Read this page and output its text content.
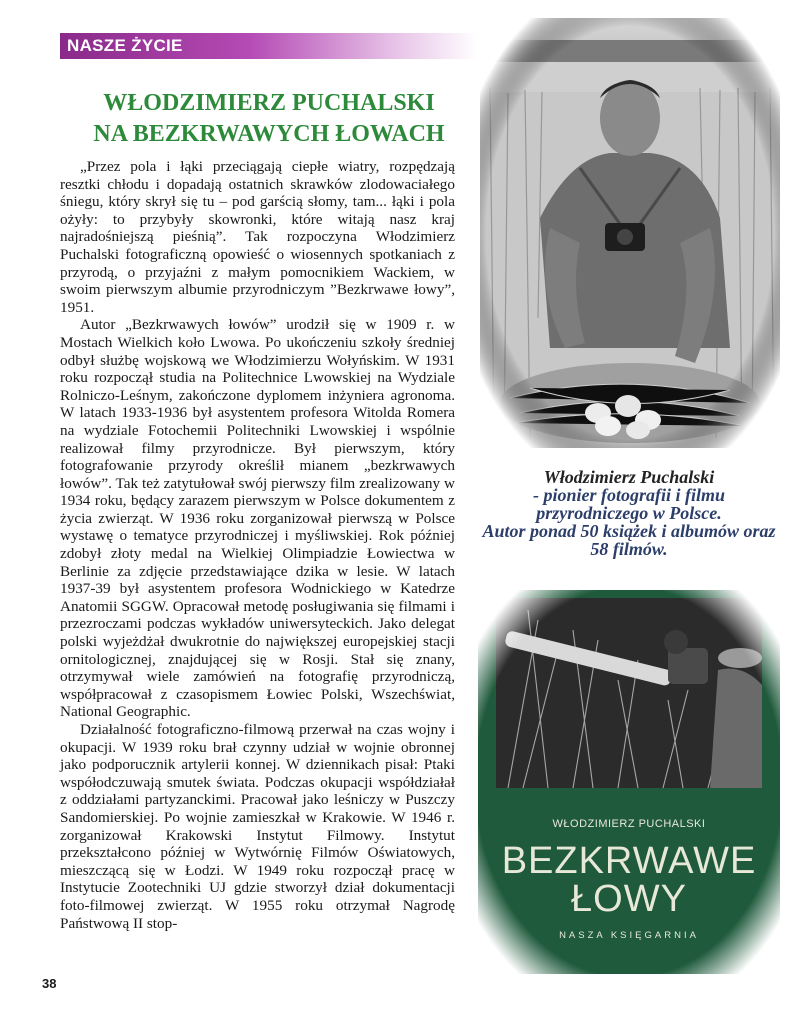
NASZE ŻYCIE
WŁODZIMIERZ PUCHALSKI
NA BEZKRWAWYCH ŁOWACH

„Przez pola i łąki przeciągają ciepłe wiatry, rozpędzają resztki chłodu i dopadają ostatnich skrawków zlodowaciałego śniegu, który skrył się tu – pod garścią słomy, tam... łąki i pola ożyły: to przybyły skowronki, które witają nasz kraj najradośniejszą pieśnią”. Tak rozpoczyna Włodzimierz Puchalski fotograficzną opowieść o wiosennych spotkaniach z przyrodą, o przyjaźni z małym pomocnikiem Wackiem, w swoim pierwszym albumie przyrodniczym ”Bezkrwawe łowy”, 1951.

Autor „Bezkrwawych łowów” urodził się w 1909 r. w Mostach Wielkich koło Lwowa. Po ukończeniu szkoły średniej odbył służbę wojskową we Włodzimierzu Wołyńskim. W 1931 roku rozpoczął studia na Politechnice Lwowskiej na Wydziale Rolniczo-Leśnym, zakończone dyplomem inżyniera agronoma. W latach 1933-1936 był asystentem profesora Witolda Romera na wydziale Fotochemii Politechniki Lwowskiej i wspólnie realizował filmy przyrodnicze. Był pierwszym, który fotografowanie przyrody określił mianem „bezkrwawych łowów”. Tak też zatytułował swój pierwszy film zrealizowany w 1934 roku, będący zarazem pierwszym w Polsce dokumentem z życia zwierząt. W 1936 roku zorganizował pierwszą w Polsce wystawę o tematyce przyrodniczej i myśliwskiej. Rok później zdobył złoty medal na Wielkiej Olimpiadzie Łowiectwa w Berlinie za zdjęcie przedstawiające dzika w lesie. W latach 1937-39 był asystentem profesora Wodnickiego w Katedrze Anatomii SGGW. Opracował metodę posługiwania się filmami i przezroczami podczas wykładów uniwersyteckich. Jako delegat polski wyjeżdżał dwukrotnie do największej europejskiej stacji ornitologicznej, znajdującej się w Rosji. Stał się znany, otrzymywał wiele zamówień na fotografię przyrodniczą, współpracował z czasopismem Łowiec Polski, Wszechświat, National Geographic.

Działalność fotograficzno-filmową przerwał na czas wojny i okupacji. W 1939 roku brał czynny udział w wojnie obronnej jako podporucznik artylerii konnej. W dziennikach pisał: Ptaki współodczuwają smutek świata. Podczas okupacji współdziałał z oddziałami partyzanckimi. Pracował jako leśniczy w Puszczy Sandomierskiej. Po wojnie zamieszkał w Krakowie. W 1946 r. zorganizował Krakowski Instytut Filmowy. Instytut przekształcono później w Wytwórnię Filmów Oświatowych, mieszczącą się w Łodzi. W 1949 roku rozpoczął pracę w Instytucie Zootechniki UJ gdzie stworzył dział dokumentacji foto-filmowej zwierząt. W 1955 roku otrzymał Nagrodę Państwową II stop-

Włodzimierz Puchalski
- pionier fotografii i filmu
przyrodniczego w Polsce.
Autor ponad 50 książek i albumów oraz 58 filmów.
WŁODZIMIERZ PUCHALSKI
BEZKRWAWE
ŁOWY
NASZA KSIĘGARNIA
38
